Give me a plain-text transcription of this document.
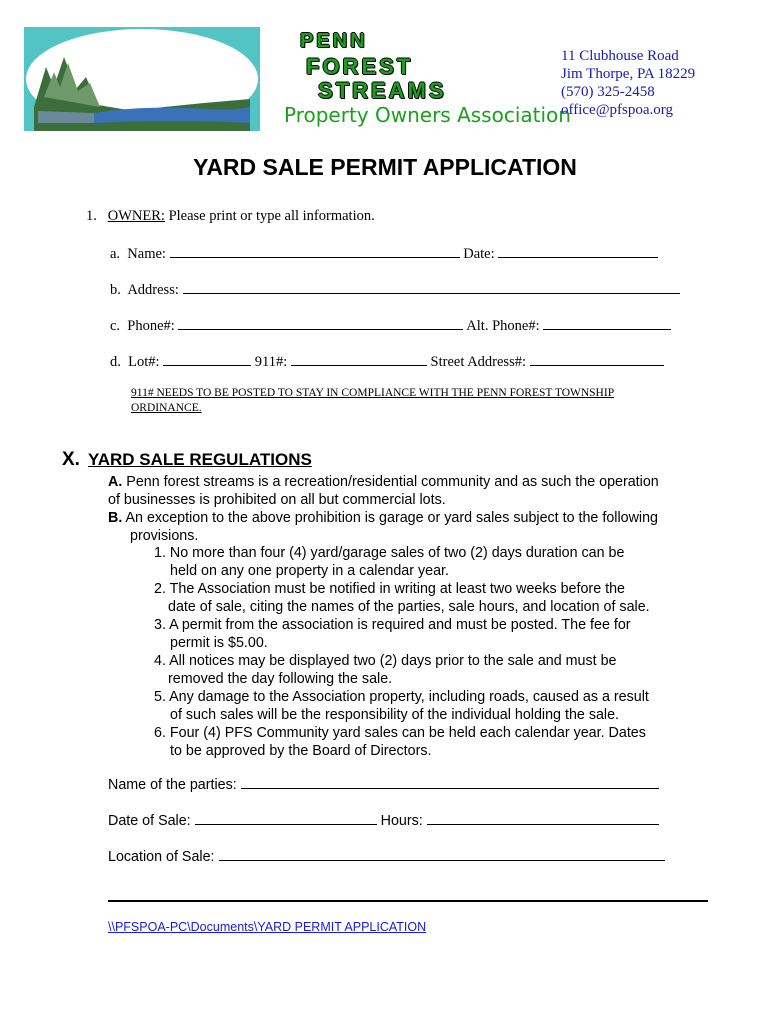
PENN
FOREST
STREAMS
Property Owners Association
11 Clubhouse Road
Jim Thorpe, PA 18229
(570) 325-2458
office@pfspoa.org
YARD SALE PERMIT APPLICATION
1. OWNER: Please print or type all information.
a.  Name:	Date:
b.  Address:
c.  Phone#:	Alt. Phone#:
d.  Lot#:	911#:	Street Address#:
911# NEEDS TO BE POSTED TO STAY IN COMPLIANCE WITH THE PENN FOREST TOWNSHIP
ORDINANCE.
X. YARD SALE REGULATIONS
A. Penn forest streams is a recreation/residential community and as such the operation
of businesses is prohibited on all but commercial lots.
B. An exception to the above prohibition is garage or yard sales subject to the following
provisions.
1. No more than four (4) yard/garage sales of two (2) days duration can be
held on any one property in a calendar year.
2. The Association must be notified in writing at least two weeks before the
date of sale, citing the names of the parties, sale hours, and location of sale.
3. A permit from the association is required and must be posted. The fee for
permit is $5.00.
4. All notices may be displayed two (2) days prior to the sale and must be
removed the day following the sale.
5. Any damage to the Association property, including roads, caused as a result
of such sales will be the responsibility of the individual holding the sale.
6. Four (4) PFS Community yard sales can be held each calendar year. Dates
to be approved by the Board of Directors.
Name of the parties:
Date of Sale:	Hours:
Location of Sale:
\\PFSPOA-PC\Documents\YARD PERMIT APPLICATION
